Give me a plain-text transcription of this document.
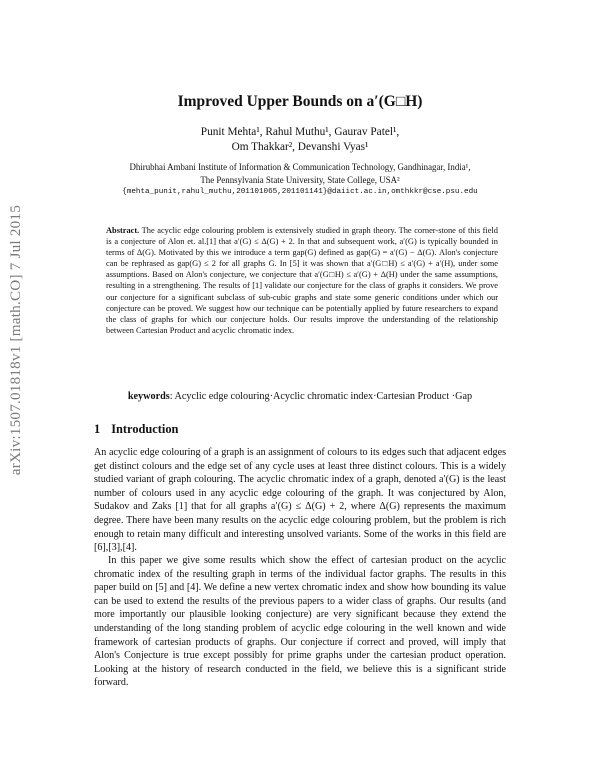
arXiv:1507.01818v1 [math.CO] 7 Jul 2015
Improved Upper Bounds on a′(G□H)
Punit Mehta¹, Rahul Muthu¹, Gaurav Patel¹,
Om Thakkar², Devanshi Vyas¹
Dhirubhai Ambani Institute of Information & Communication Technology, Gandhinagar, India¹,
The Pennsylvania State University, State College, USA²
{mehta_punit,rahul_muthu,201101065,201101141}@daiict.ac.in,omthkkr@cse.psu.edu
Abstract. The acyclic edge colouring problem is extensively studied in graph theory. The corner-stone of this field is a conjecture of Alon et. al.[1] that a′(G) ≤ Δ(G) + 2. In that and subsequent work, a′(G) is typically bounded in terms of Δ(G). Motivated by this we introduce a term gap(G) defined as gap(G) = a′(G) − Δ(G). Alon's conjecture can be rephrased as gap(G) ≤ 2 for all graphs G. In [5] it was shown that a′(G□H) ≤ a′(G) + a′(H), under some assumptions. Based on Alon's conjecture, we conjecture that a′(G□H) ≤ a′(G) + Δ(H) under the same assumptions, resulting in a strengthening. The results of [1] validate our conjecture for the class of graphs it considers. We prove our conjecture for a significant subclass of sub-cubic graphs and state some generic conditions under which our conjecture can be proved. We suggest how our technique can be potentially applied by future researchers to expand the class of graphs for which our conjecture holds. Our results improve the understanding of the relationship between Cartesian Product and acyclic chromatic index.
keywords: Acyclic edge colouring·Acyclic chromatic index·Cartesian Product ·Gap
1 Introduction
An acyclic edge colouring of a graph is an assignment of colours to its edges such that adjacent edges get distinct colours and the edge set of any cycle uses at least three distinct colours. This is a widely studied variant of graph colouring. The acyclic chromatic index of a graph, denoted a′(G) is the least number of colours used in any acyclic edge colouring of the graph. It was conjectured by Alon, Sudakov and Zaks [1] that for all graphs a′(G) ≤ Δ(G) + 2, where Δ(G) represents the maximum degree. There have been many results on the acyclic edge colouring problem, but the problem is rich enough to retain many difficult and interesting unsolved variants. Some of the works in this field are [6],[3],[4].
In this paper we give some results which show the effect of cartesian product on the acyclic chromatic index of the resulting graph in terms of the individual factor graphs. The results in this paper build on [5] and [4]. We define a new vertex chromatic index and show how bounding its value can be used to extend the results of the previous papers to a wider class of graphs. Our results (and more importantly our plausible looking conjecture) are very significant because they extend the understanding of the long standing problem of acyclic edge colouring in the well known and wide framework of cartesian products of graphs. Our conjecture if correct and proved, will imply that Alon's Conjecture is true except possibly for prime graphs under the cartesian product operation. Looking at the history of research conducted in the field, we believe this is a significant stride forward.
